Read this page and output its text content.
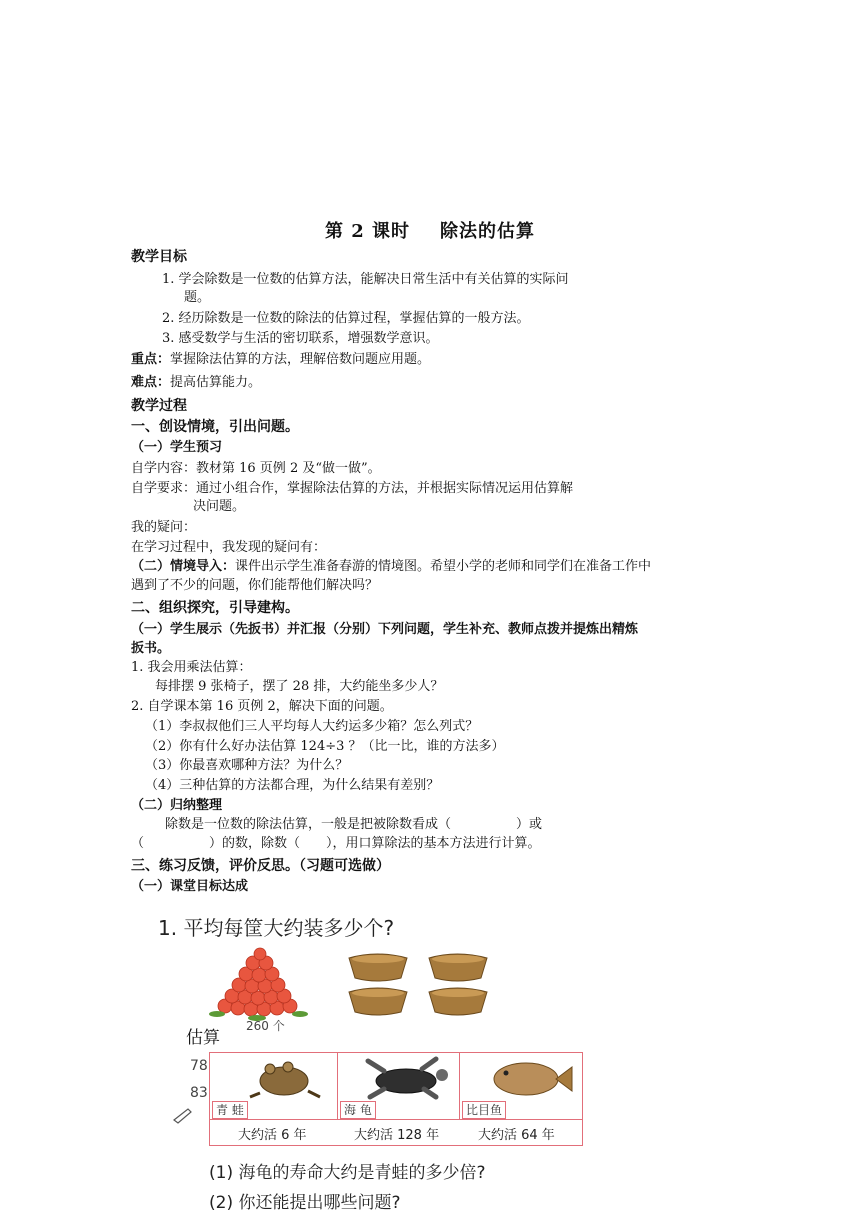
第 2 课时 除法的估算
教学目标
1. 学会除数是一位数的估算方法，能解决日常生活中有关估算的实际问
题。
2. 经历除数是一位数的除法的估算过程，掌握估算的一般方法。
3. 感受数学与生活的密切联系，增强数学意识。
重点：掌握除法估算的方法，理解倍数问题应用题。
难点：提高估算能力。
教学过程
一、创设情境，引出问题。
（一）学生预习
自学内容：教材第 16 页例 2 及“做一做”。
自学要求：通过小组合作，掌握除法估算的方法，并根据实际情况运用估算解
决问题。
我的疑问：
在学习过程中，我发现的疑问有：
（二）情境导入：课件出示学生准备春游的情境图。希望小学的老师和同学们在准备工作中
遇到了不少的问题，你们能帮他们解决吗？
二、组织探究，引导建构。
（一）学生展示（先扳书）并汇报（分别）下列问题，学生补充、教师点拨并提炼出精炼
扳书。
1. 我会用乘法估算：
每排摆 9 张椅子，摆了 28 排，大约能坐多少人？
2. 自学课本第 16 页例 2，解决下面的问题。
（1）李叔叔他们三人平均每人大约运多少箱？怎么列式？
（2）你有什么好办法估算 124÷3 ？（比一比，谁的方法多）
（3）你最喜欢哪种方法？为什么？
（4）三种估算的方法都合理，为什么结果有差别？
（二）归纳整理
除数是一位数的除法估算，一般是把被除数看成（　　　　　）或
（　　　　　）的数，除数（　　），用口算除法的基本方法进行计算。
三、练习反馈，评价反思。（习题可选做）
（一）课堂目标达成
1. 平均每筐大约装多少个?
260 个
估算
78
83
青 蛙	海 龟	比目鱼
大约活 6 年	大约活 128 年	大约活 64 年
(1) 海龟的寿命大约是青蛙的多少倍?
(2) 你还能提出哪些问题?
